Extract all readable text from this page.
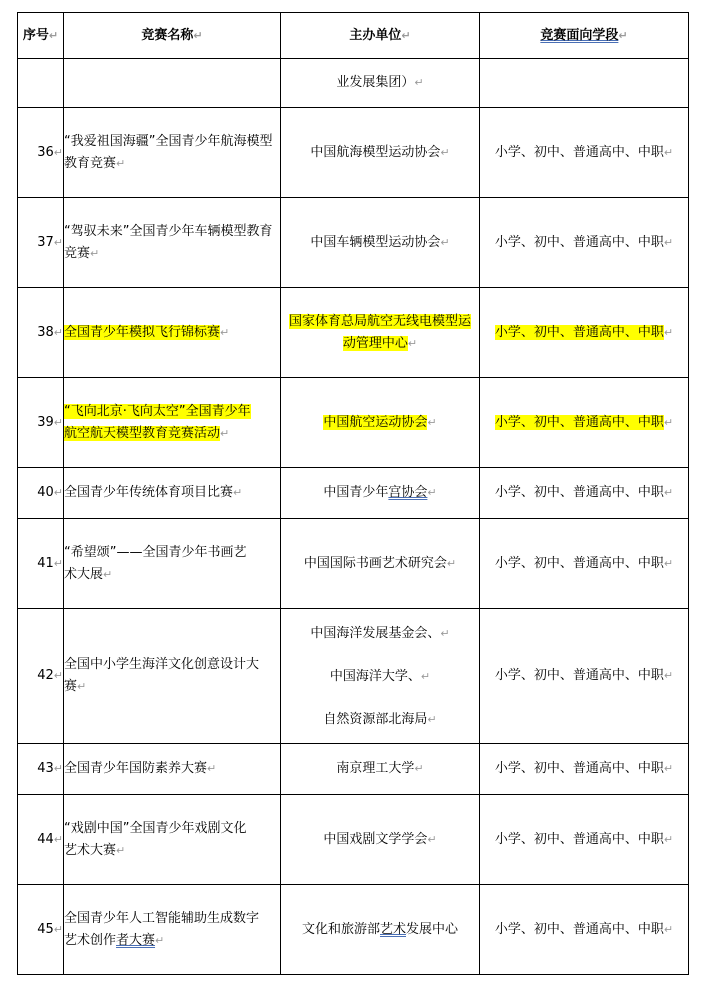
序号↵	竞赛名称↵	主办单位↵	竞赛面向学段↵
		业发展集团）↵	
36↵	“我爱祖国海疆”全国青少年航海模型教育竞赛↵	中国航海模型运动协会↵	小学、初中、普通高中、中职↵
37↵	“驾驭未来”全国青少年车辆模型教育竞赛↵	中国车辆模型运动协会↵	小学、初中、普通高中、中职↵
38↵	全国青少年模拟飞行锦标赛↵	国家体育总局航空无线电模型运
动管理中心↵	小学、初中、普通高中、中职↵
39↵	“飞向北京·飞向太空”全国青少年
航空航天模型教育竞赛活动↵	中国航空运动协会↵	小学、初中、普通高中、中职↵
40↵	全国青少年传统体育项目比赛↵	中国青少年宫协会↵	小学、初中、普通高中、中职↵
41↵	“希望颂”——全国青少年书画艺
术大展↵	中国国际书画艺术研究会↵	小学、初中、普通高中、中职↵
42↵	全国中小学生海洋文化创意设计大
赛↵	中国海洋发展基金会、↵
中国海洋大学、↵
自然资源部北海局↵	小学、初中、普通高中、中职↵
43↵	全国青少年国防素养大赛↵	南京理工大学↵	小学、初中、普通高中、中职↵
44↵	“戏剧中国”全国青少年戏剧文化
艺术大赛↵	中国戏剧文学学会↵	小学、初中、普通高中、中职↵
45↵	全国青少年人工智能辅助生成数字
艺术创作者大赛↵	文化和旅游部艺术发展中心	小学、初中、普通高中、中职↵
